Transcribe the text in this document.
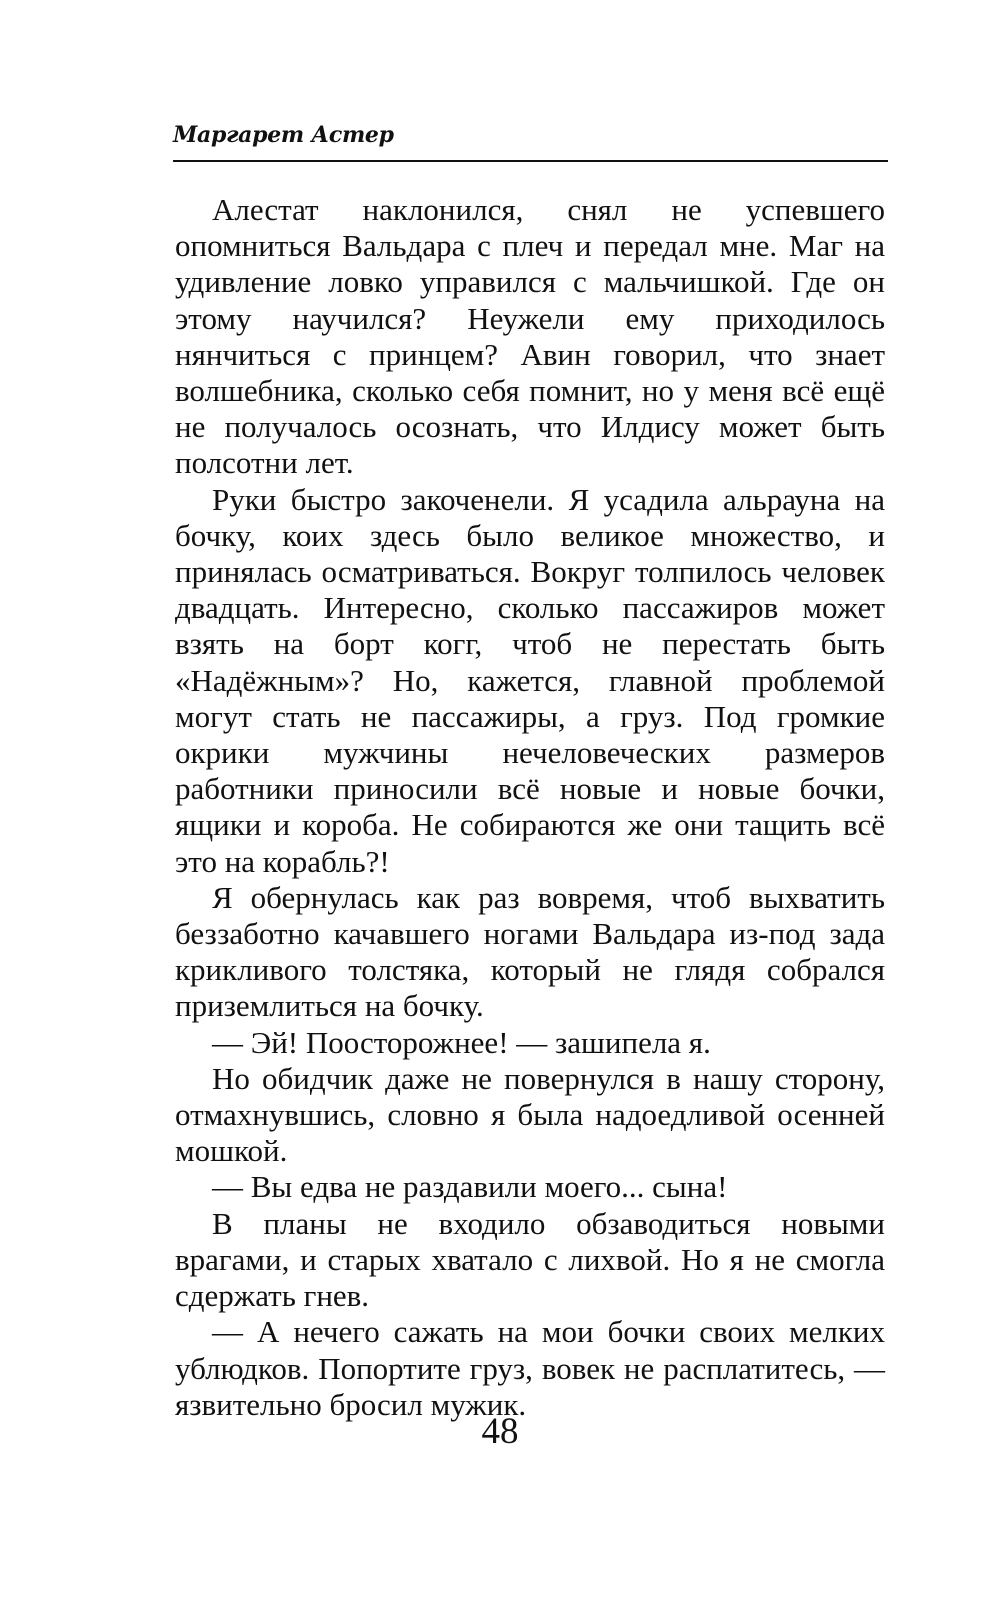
Маргарет Астер

Алестат наклонился, снял не успевшего опомниться Вальдара с плеч и передал мне. Маг на удивление ловко управился с мальчишкой. Где он этому научился? Неужели ему приходилось нянчиться с принцем? Авин говорил, что знает волшебника, сколько себя помнит, но у меня всё ещё не получалось осознать, что Илдису может быть полсотни лет.

Руки быстро закоченели. Я усадила альрауна на бочку, коих здесь было великое множество, и принялась осматриваться. Вокруг толпилось человек двадцать. Интересно, сколько пассажиров может взять на борт когг, чтоб не перестать быть «Надёжным»? Но, кажется, главной проблемой могут стать не пассажиры, а груз. Под громкие окрики мужчины нечеловеческих размеров работники приносили всё новые и новые бочки, ящики и короба. Не собираются же они тащить всё это на корабль?!

Я обернулась как раз вовремя, чтоб выхватить беззаботно качавшего ногами Вальдара из-под зада крикливого толстяка, который не глядя собрался приземлиться на бочку.

— Эй! Поосторожнее! — зашипела я.

Но обидчик даже не повернулся в нашу сторону, отмахнувшись, словно я была надоедливой осенней мошкой.

— Вы едва не раздавили моего... сына!

В планы не входило обзаводиться новыми врагами, и старых хватало с лихвой. Но я не смогла сдержать гнев.

— А нечего сажать на мои бочки своих мелких ублюдков. Попортите груз, вовек не расплатитесь, — язвительно бросил мужик.

48
